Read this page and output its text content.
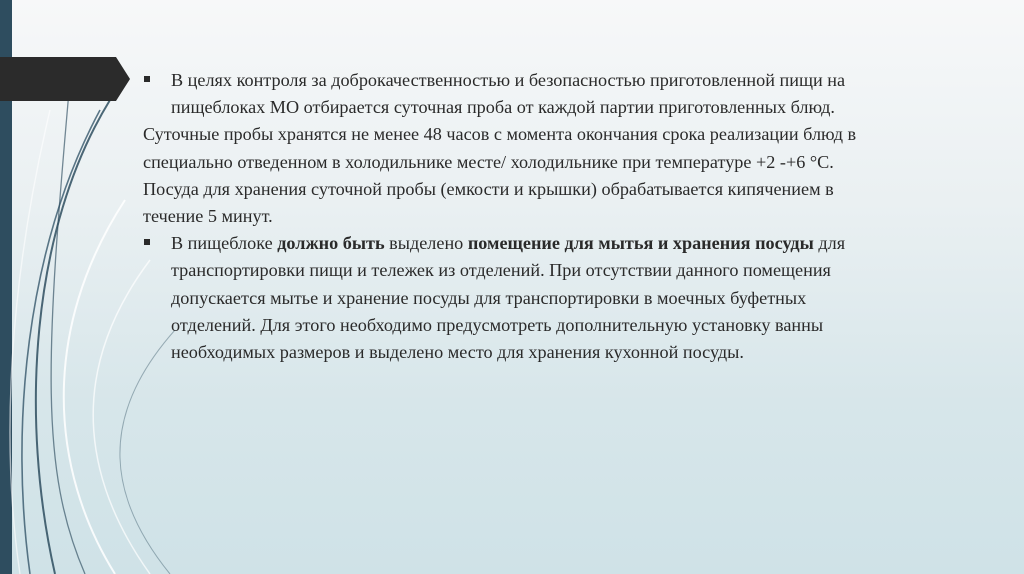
В целях контроля за доброкачественностью и безопасностью приготовленной пищи на пищеблоках МО отбирается суточная проба от каждой партии приготовленных блюд.

Суточные пробы хранятся не менее 48 часов с момента окончания срока реализации блюд в специально отведенном в холодильнике месте/ холодильнике при температуре +2 -+6 °C.

Посуда для хранения суточной пробы (емкости и крышки) обрабатывается кипячением в течение 5 минут.

В пищеблоке должно быть выделено помещение для мытья и хранения посуды для транспортировки пищи и тележек из отделений. При отсутствии данного помещения допускается мытье и хранение посуды для транспортировки в моечных буфетных отделений. Для этого необходимо предусмотреть дополнительную установку ванны необходимых размеров и выделено место для хранения кухонной посуды.
